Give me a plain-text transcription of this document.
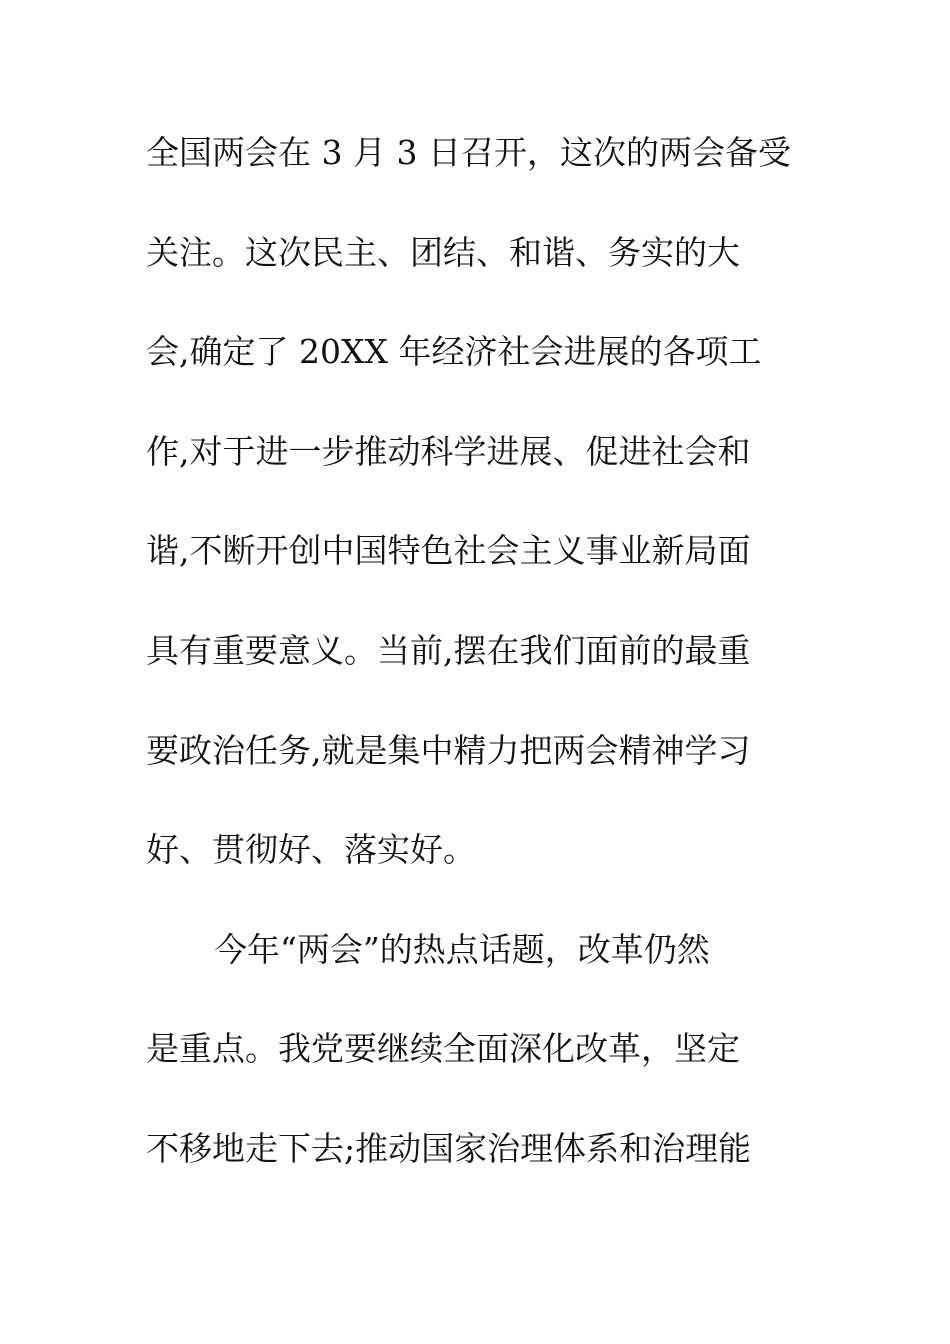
全国两会在 3 月 3 日召开，这次的两会备受
关注。这次民主、团结、和谐、务实的大
会,确定了 20XX 年经济社会进展的各项工
作,对于进一步推动科学进展、促进社会和
谐,不断开创中国特色社会主义事业新局面
具有重要意义。当前,摆在我们面前的最重
要政治任务,就是集中精力把两会精神学习
好、贯彻好、落实好。
今年“两会”的热点话题，改革仍然
是重点。我党要继续全面深化改革，坚定
不移地走下去;推动国家治理体系和治理能
